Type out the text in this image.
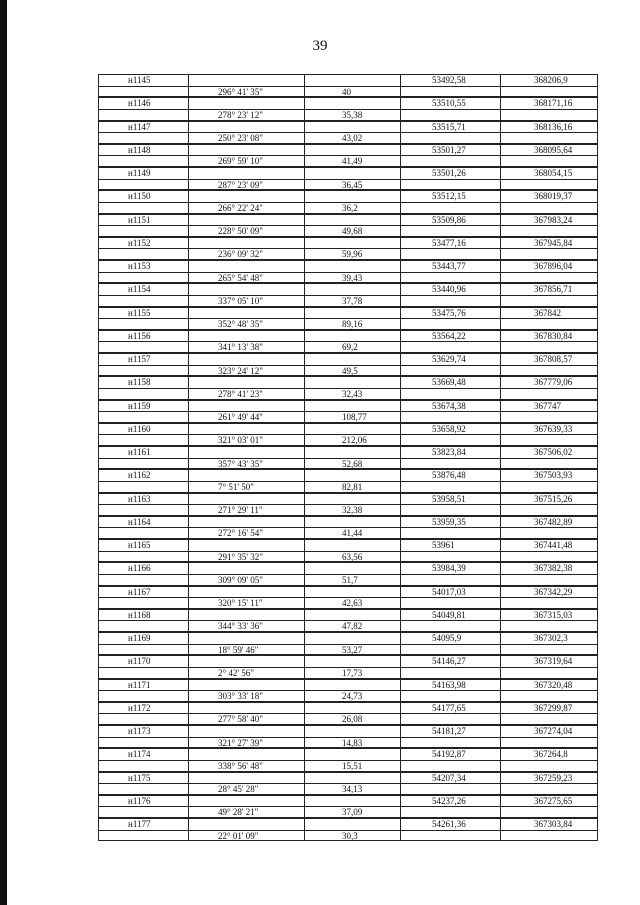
39
н1145	53492,58	368206,9
296° 41' 35"	40
н1146	53510,55	368171,16
278° 23' 12"	35,38
н1147	53515,71	368136,16
250° 23' 08"	43,02
н1148	53501,27	368095,64
269° 59' 10"	41,49
н1149	53501,26	368054,15
287° 23' 09"	36,45
н1150	53512,15	368019,37
266° 22' 24"	36,2
н1151	53509,86	367983,24
228° 50' 09"	49,68
н1152	53477,16	367945,84
236° 09' 32"	59,96
н1153	53443,77	367896,04
265° 54' 48"	39,43
н1154	53440,96	367856,71
337° 05' 10"	37,78
н1155	53475,76	367842
352° 48' 35"	89,16
н1156	53564,22	367830,84
341° 13' 38"	69,2
н1157	53629,74	367808,57
323° 24' 12"	49,5
н1158	53669,48	367779,06
278° 41' 23"	32,43
н1159	53674,38	367747
261° 49' 44"	108,77
н1160	53658,92	367639,33
321° 03' 01"	212,06
н1161	53823,84	367506,02
357° 43' 35"	52,68
н1162	53876,48	367503,93
7° 51' 50"	82,81
н1163	53958,51	367515,26
271° 29' 11"	32,38
н1164	53959,35	367482,89
272° 16' 54"	41,44
н1165	53961	367441,48
291° 35' 32"	63,56
н1166	53984,39	367382,38
309° 09' 05"	51,7
н1167	54017,03	367342,29
320° 15' 11"	42,63
н1168	54049,81	367315,03
344° 33' 36"	47,82
н1169	54095,9	367302,3
18° 59' 46"	53,27
н1170	54146,27	367319,64
2° 42' 56"	17,73
н1171	54163,98	367320,48
303° 33' 18"	24,73
н1172	54177,65	367299,87
277° 58' 40"	26,08
н1173	54181,27	367274,04
321° 27' 39"	14,83
н1174	54192,87	367264,8
338° 56' 48"	15,51
н1175	54207,34	367259,23
28° 45' 28"	34,13
н1176	54237,26	367275,65
49° 28' 21"	37,09
н1177	54261,36	367303,84
22° 01' 09"	30,3
